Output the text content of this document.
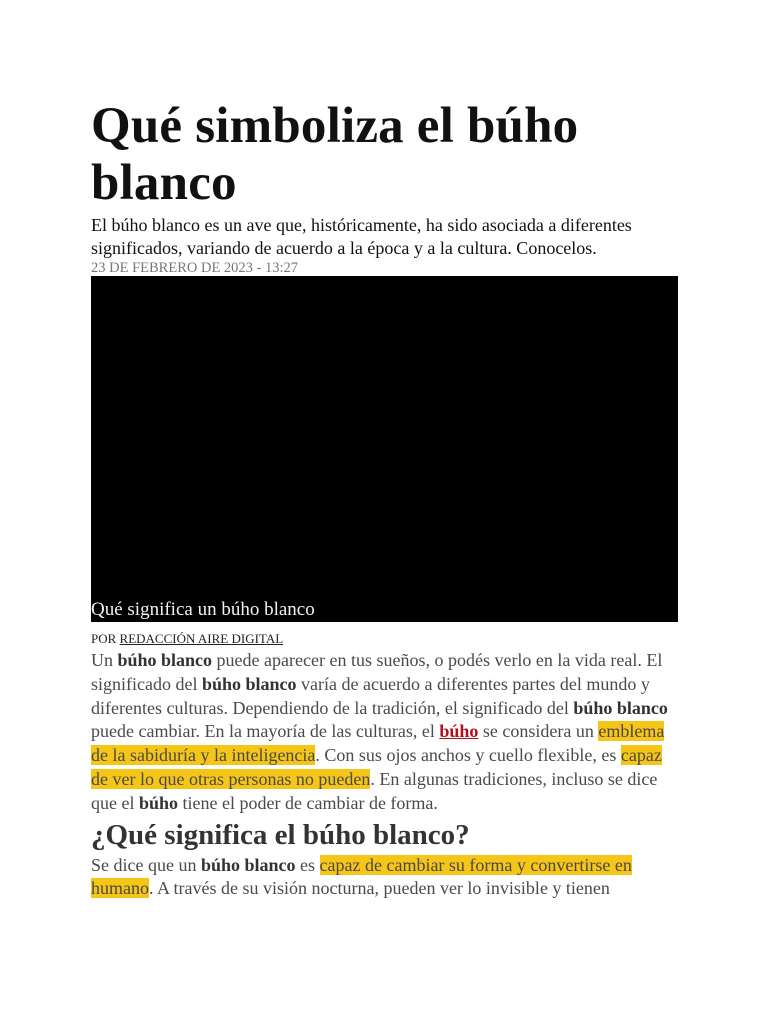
Qué simboliza el búho blanco

El búho blanco es un ave que, históricamente, ha sido asociada a diferentes significados, variando de acuerdo a la época y a la cultura. Conocelos.

23 DE FEBRERO DE 2023 - 13:27

Qué significa un búho blanco
POR REDACCIÓN AIRE DIGITAL

Un búho blanco puede aparecer en tus sueños, o podés verlo en la vida real. El significado del búho blanco varía de acuerdo a diferentes partes del mundo y diferentes culturas. Dependiendo de la tradición, el significado del búho blanco puede cambiar. En la mayoría de las culturas, el búho se considera un emblema de la sabiduría y la inteligencia. Con sus ojos anchos y cuello flexible, es capaz de ver lo que otras personas no pueden. En algunas tradiciones, incluso se dice que el búho tiene el poder de cambiar de forma.

¿Qué significa el búho blanco?

Se dice que un búho blanco es capaz de cambiar su forma y convertirse en humano. A través de su visión nocturna, pueden ver lo invisible y tienen
